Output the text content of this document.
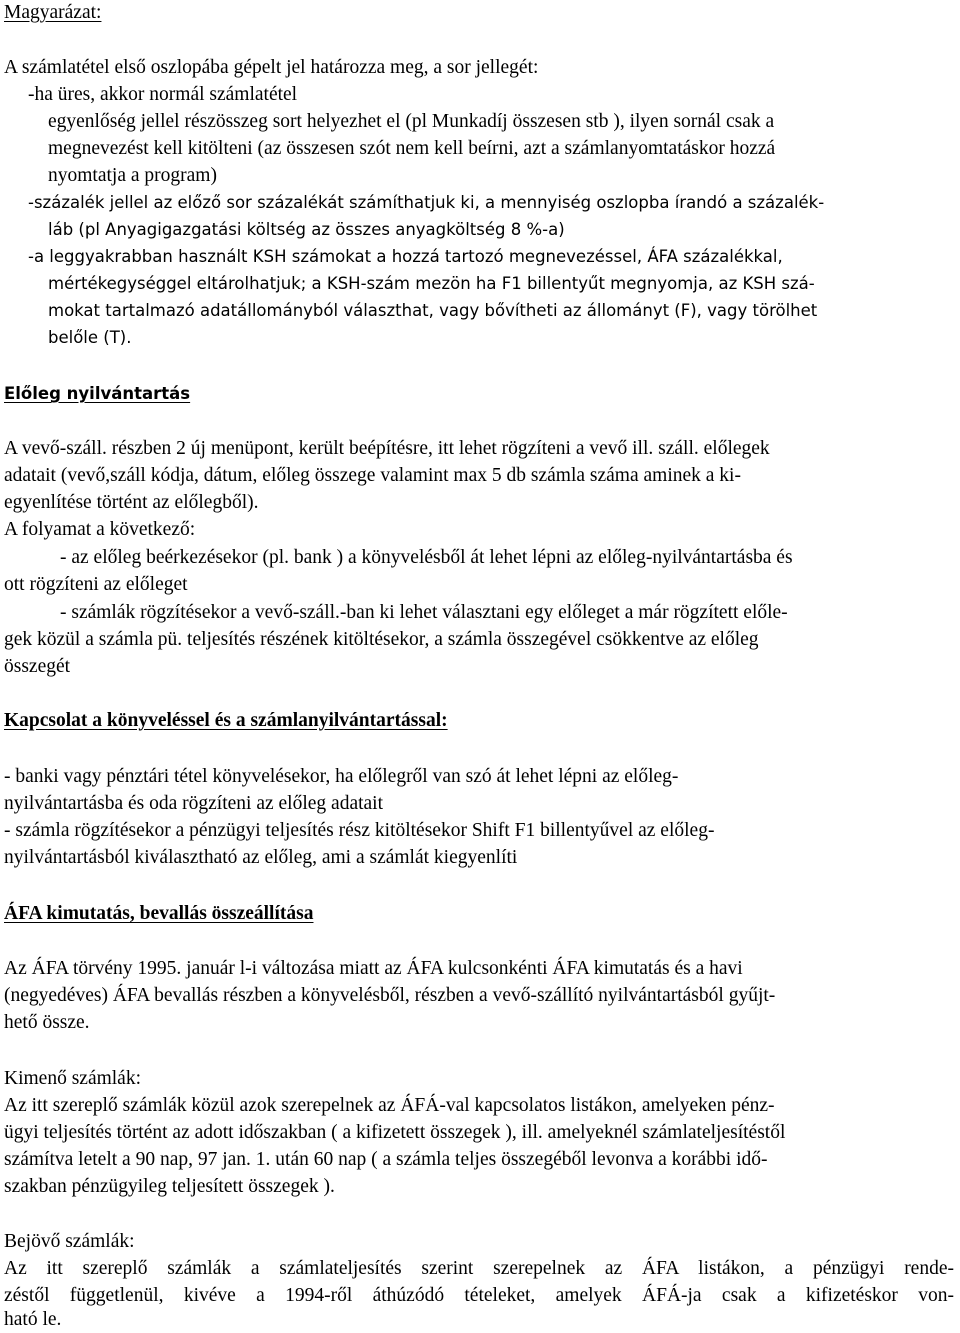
Magyarázat:
A számlatétel első oszlopába gépelt jel határozza meg, a sor jellegét:
-ha üres, akkor normál számlatétel
egyenlőség jellel részösszeg sort helyezhet el (pl Munkadíj összesen stb ), ilyen sornál csak a
megnevezést kell kitölteni (az összesen szót nem kell beírni, azt a számlanyomtatáskor hozzá
nyomtatja a program)
-százalék jellel az előző sor százalékát számíthatjuk ki, a mennyiség oszlopba írandó a százalék-
láb (pl Anyagigazgatási költség az összes anyagköltség 8 %-a)
-a leggyakrabban használt KSH számokat a hozzá tartozó megnevezéssel, ÁFA százalékkal,
mértékegységgel eltárolhatjuk; a KSH-szám mezön ha F1 billentyűt megnyomja, az KSH szá-
mokat tartalmazó adatállományból választhat, vagy bővítheti az állományt (F), vagy törölhet
belőle (T).
Előleg nyilvántartás
A vevő-száll. részben 2 új menüpont, került beépítésre, itt lehet rögzíteni a vevő ill. száll. előlegek
adatait (vevő,száll kódja, dátum, előleg összege valamint max 5 db számla száma aminek a ki-
egyenlítése történt az előlegből).
A folyamat a következő:
- az előleg beérkezésekor (pl. bank ) a könyvelésből át lehet lépni az előleg-nyilvántartásba és
ott rögzíteni az előleget
- számlák rögzítésekor a vevő-száll.-ban ki lehet választani egy előleget a már rögzített előle-
gek közül a számla pü. teljesítés részének kitöltésekor, a számla összegével csökkentve az előleg
összegét
Kapcsolat a könyveléssel és a számlanyilvántartással:
- banki vagy pénztári tétel könyvelésekor, ha előlegről van szó át lehet lépni az előleg-
nyilvántartásba és oda rögzíteni az előleg adatait
- számla rögzítésekor a pénzügyi teljesítés rész kitöltésekor Shift F1 billentyűvel az előleg-
nyilvántartásból kiválasztható az előleg, ami a számlát kiegyenlíti
ÁFA kimutatás, bevallás összeállítása
Az ÁFA törvény 1995. január l-i változása miatt az ÁFA kulcsonkénti ÁFA kimutatás és a havi
(negyedéves) ÁFA bevallás részben a könyvelésből, részben a vevő-szállító nyilvántartásból gyűjt-
hető össze.
Kimenő számlák:
Az itt szereplő számlák közül azok szerepelnek az ÁFÁ-val kapcsolatos listákon, amelyeken pénz-
ügyi teljesítés történt az adott időszakban ( a kifizetett összegek ), ill. amelyeknél számlateljesítéstől
számítva letelt a 90 nap, 97 jan. 1. után 60 nap ( a számla teljes összegéből levonva a korábbi idő-
szakban pénzügyileg teljesített összegek ).
Bejövő számlák:
Az itt szereplő számlák a számlateljesítés szerint szerepelnek az ÁFA listákon, a pénzügyi rende-
zéstől függetlenül, kivéve a 1994-ről áthúzódó tételeket, amelyek ÁFÁ-ja csak a kifizetéskor von-
ható le.
